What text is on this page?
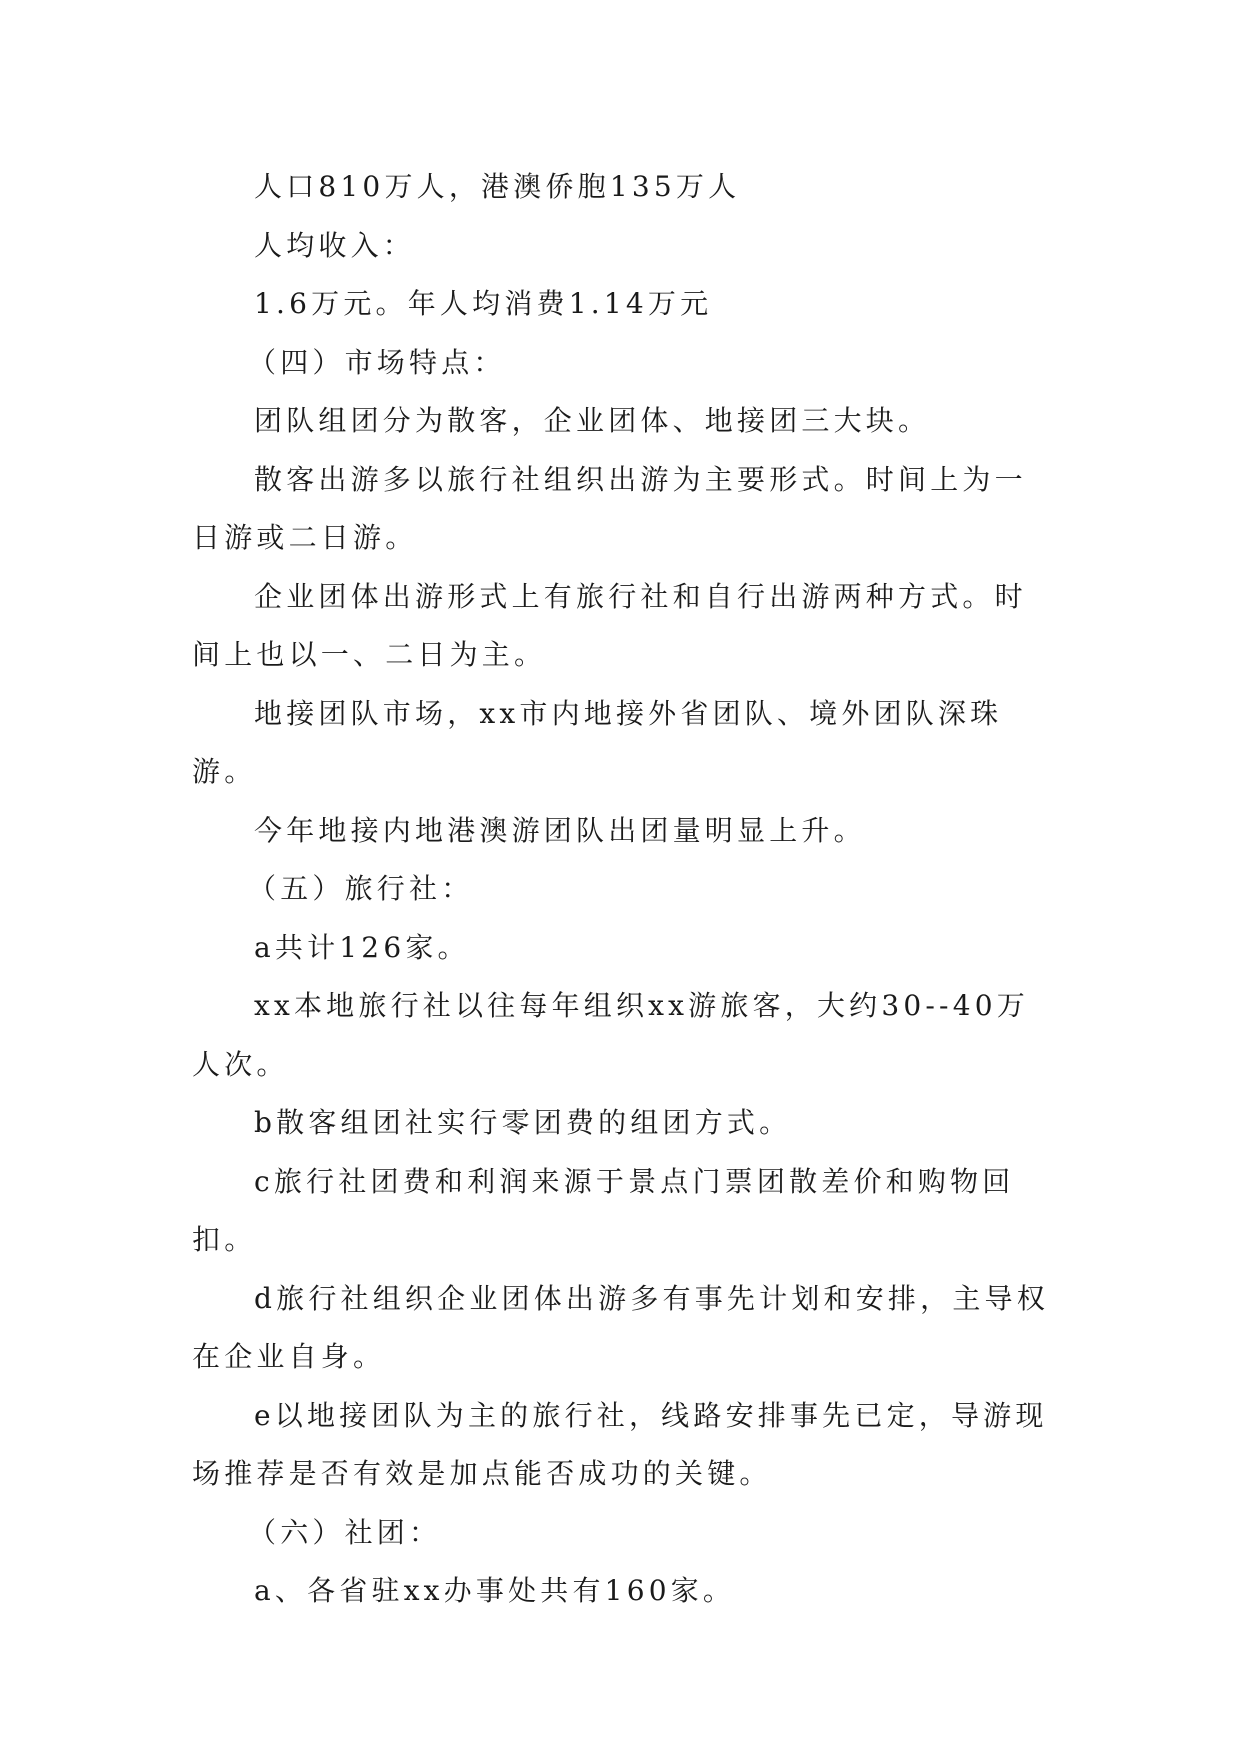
人口810万人，港澳侨胞135万人

人均收入：

1.6万元。年人均消费1.14万元

（四）市场特点：

团队组团分为散客，企业团体、地接团三大块。

散客出游多以旅行社组织出游为主要形式。时间上为一日游或二日游。

企业团体出游形式上有旅行社和自行出游两种方式。时间上也以一、二日为主。

地接团队市场，xx市内地接外省团队、境外团队深珠游。

今年地接内地港澳游团队出团量明显上升。

（五）旅行社：

a共计126家。

xx本地旅行社以往每年组织xx游旅客，大约30--40万人次。

b散客组团社实行零团费的组团方式。

c旅行社团费和利润来源于景点门票团散差价和购物回扣。

d旅行社组织企业团体出游多有事先计划和安排，主导权在企业自身。

e以地接团队为主的旅行社，线路安排事先已定，导游现场推荐是否有效是加点能否成功的关键。

（六）社团：

a、各省驻xx办事处共有160家。
